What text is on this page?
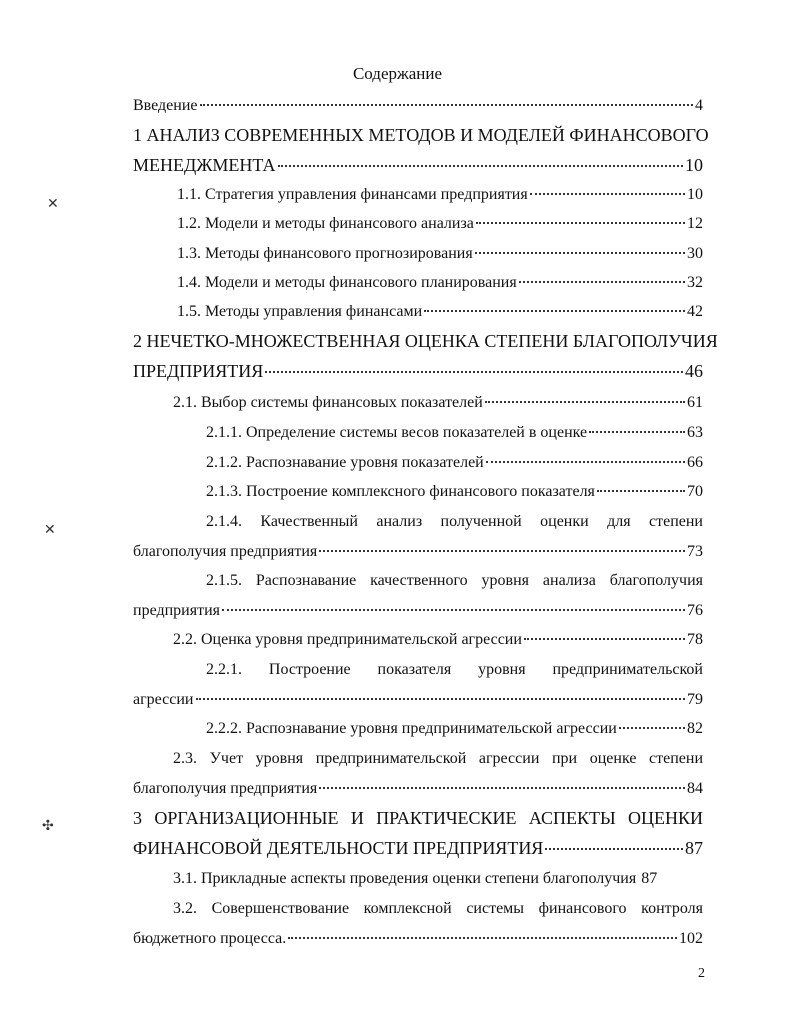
Содержание
Введение	4
1 АНАЛИЗ СОВРЕМЕННЫХ МЕТОДОВ И МОДЕЛЕЙ ФИНАНСОВОГО
МЕНЕДЖМЕНТА	10
1.1. Стратегия управления финансами предприятия	10
1.2. Модели и методы финансового анализа	12
1.3. Методы финансового прогнозирования	30
1.4. Модели и методы финансового планирования	32
1.5. Методы управления финансами	42
2 НЕЧЕТКО-МНОЖЕСТВЕННАЯ ОЦЕНКА СТЕПЕНИ БЛАГОПОЛУЧИЯ
ПРЕДПРИЯТИЯ	46
2.1. Выбор системы финансовых показателей	61
2.1.1. Определение системы весов показателей в оценке	63
2.1.2. Распознавание уровня показателей	66
2.1.3. Построение комплексного финансового показателя	70
2.1.4. Качественный анализ полученной оценки для степени
благополучия предприятия	73
2.1.5. Распознавание качественного уровня анализа благополучия
предприятия	76
2.2. Оценка уровня предпринимательской агрессии	78
2.2.1. Построение показателя уровня предпринимательской
агрессии	79
2.2.2. Распознавание уровня предпринимательской агрессии	82
2.3. Учет уровня предпринимательской агрессии при оценке степени
благополучия предприятия	84
3 ОРГАНИЗАЦИОННЫЕ И ПРАКТИЧЕСКИЕ АСПЕКТЫ ОЦЕНКИ
ФИНАНСОВОЙ ДЕЯТЕЛЬНОСТИ ПРЕДПРИЯТИЯ	87
3.1. Прикладные аспекты проведения оценки степени благополучия 87
3.2. Совершенствование комплексной системы финансового контроля
бюджетного процесса.	102
2
✕
✕
✣
